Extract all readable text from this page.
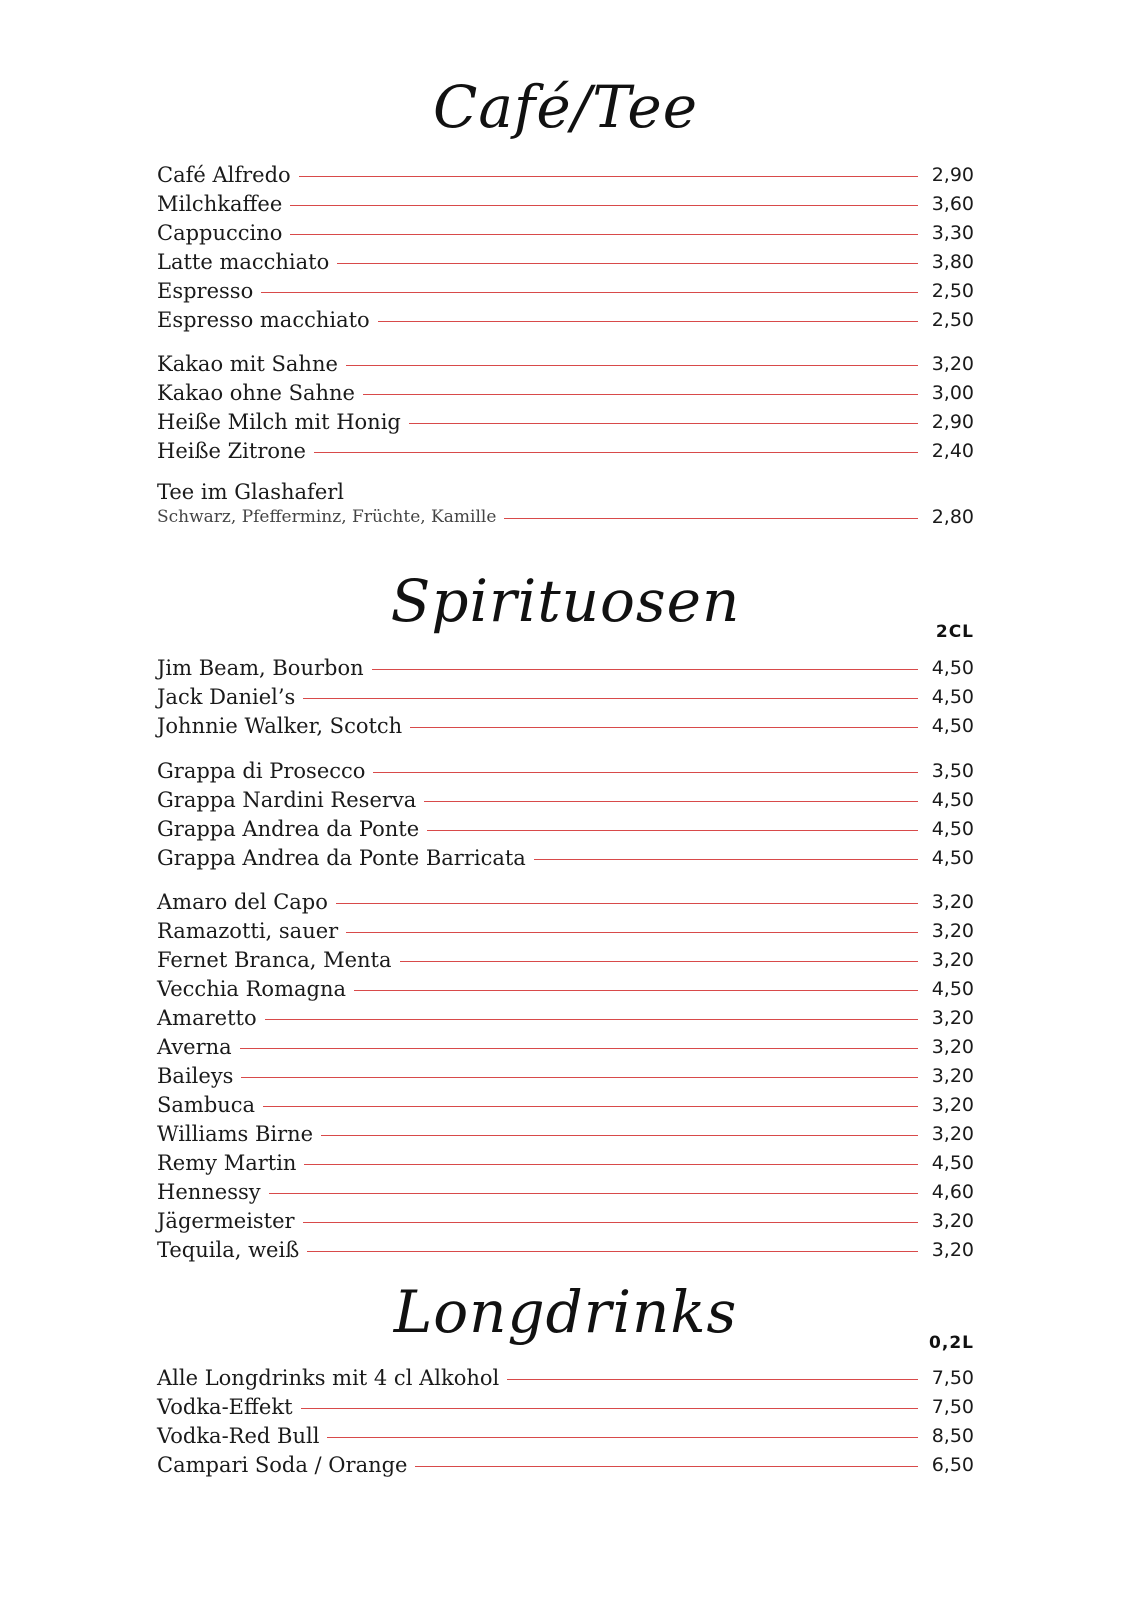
Café/Tee
Café Alfredo	2,90
Milchkaffee	3,60
Cappuccino	3,30
Latte macchiato	3,80
Espresso	2,50
Espresso macchiato	2,50
Kakao mit Sahne	3,20
Kakao ohne Sahne	3,00
Heiße Milch mit Honig	2,90
Heiße Zitrone	2,40
Tee im Glashaferl
Schwarz, Pfefferminz, Früchte, Kamille	2,80
Spirituosen	2CL
Jim Beam, Bourbon	4,50
Jack Daniel’s	4,50
Johnnie Walker, Scotch	4,50
Grappa di Prosecco	3,50
Grappa Nardini Reserva	4,50
Grappa Andrea da Ponte	4,50
Grappa Andrea da Ponte Barricata	4,50
Amaro del Capo	3,20
Ramazotti, sauer	3,20
Fernet Branca, Menta	3,20
Vecchia Romagna	4,50
Amaretto	3,20
Averna	3,20
Baileys	3,20
Sambuca	3,20
Williams Birne	3,20
Remy Martin	4,50
Hennessy	4,60
Jägermeister	3,20
Tequila, weiß	3,20
Longdrinks	0,2L
Alle Longdrinks mit 4 cl Alkohol	7,50
Vodka-Effekt	7,50
Vodka-Red Bull	8,50
Campari Soda / Orange	6,50
